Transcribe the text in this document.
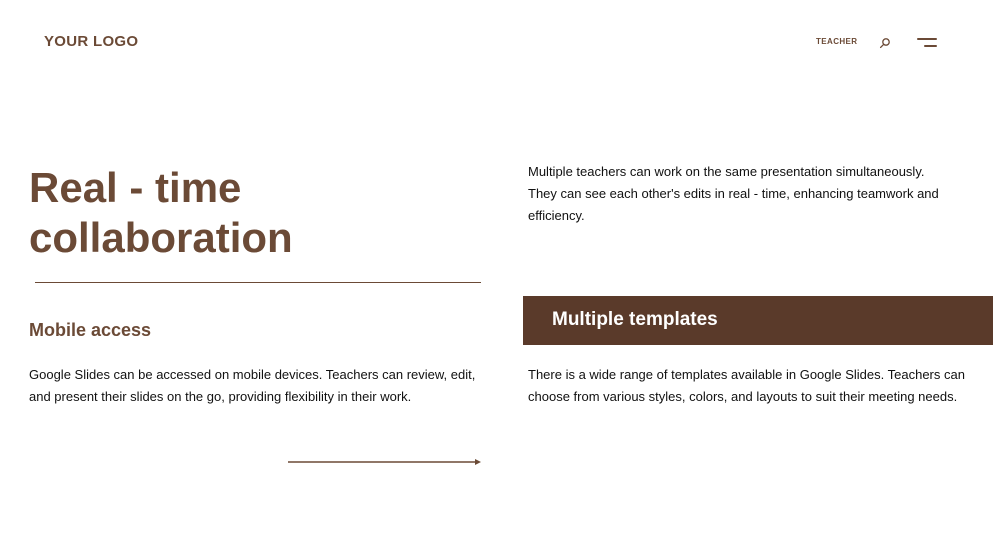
YOUR LOGO	TEACHER
Real - time
collaboration

Multiple teachers can work on the same presentation simultaneously. They can see each other's edits in real - time, enhancing teamwork and efficiency.

Mobile access	Multiple templates

Google Slides can be accessed on mobile devices. Teachers can review, edit, and present their slides on the go, providing flexibility in their work.

There is a wide range of templates available in Google Slides. Teachers can choose from various styles, colors, and layouts to suit their meeting needs.
